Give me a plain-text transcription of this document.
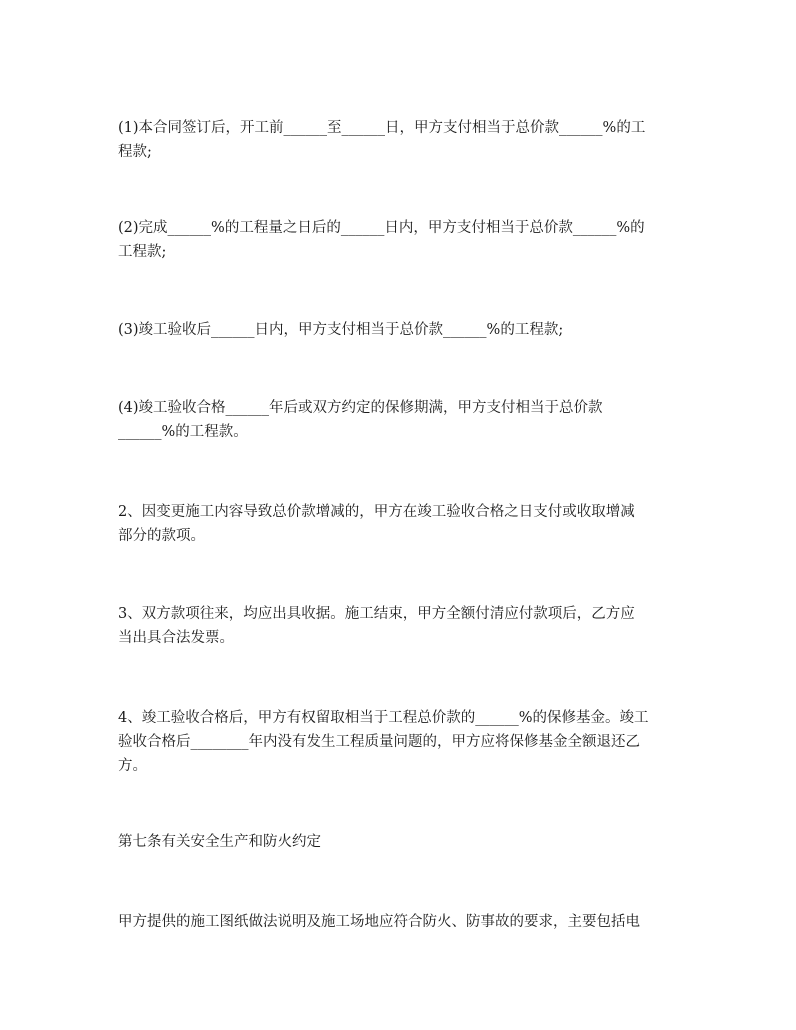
(1)本合同签订后，开工前______至______日，甲方支付相当于总价款______%的工
程款;
(2)完成______%的工程量之日后的______日内，甲方支付相当于总价款______%的
工程款;
(3)竣工验收后______日内，甲方支付相当于总价款______%的工程款;
(4)竣工验收合格______年后或双方约定的保修期满，甲方支付相当于总价款
______%的工程款。
2、因变更施工内容导致总价款增减的，甲方在竣工验收合格之日支付或收取增减
部分的款项。
3、双方款项往来，均应出具收据。施工结束，甲方全额付清应付款项后，乙方应
当出具合法发票。
4、竣工验收合格后，甲方有权留取相当于工程总价款的______%的保修基金。竣工
验收合格后________年内没有发生工程质量问题的，甲方应将保修基金全额退还乙
方。
第七条有关安全生产和防火约定
甲方提供的施工图纸做法说明及施工场地应符合防火、防事故的要求，主要包括电
